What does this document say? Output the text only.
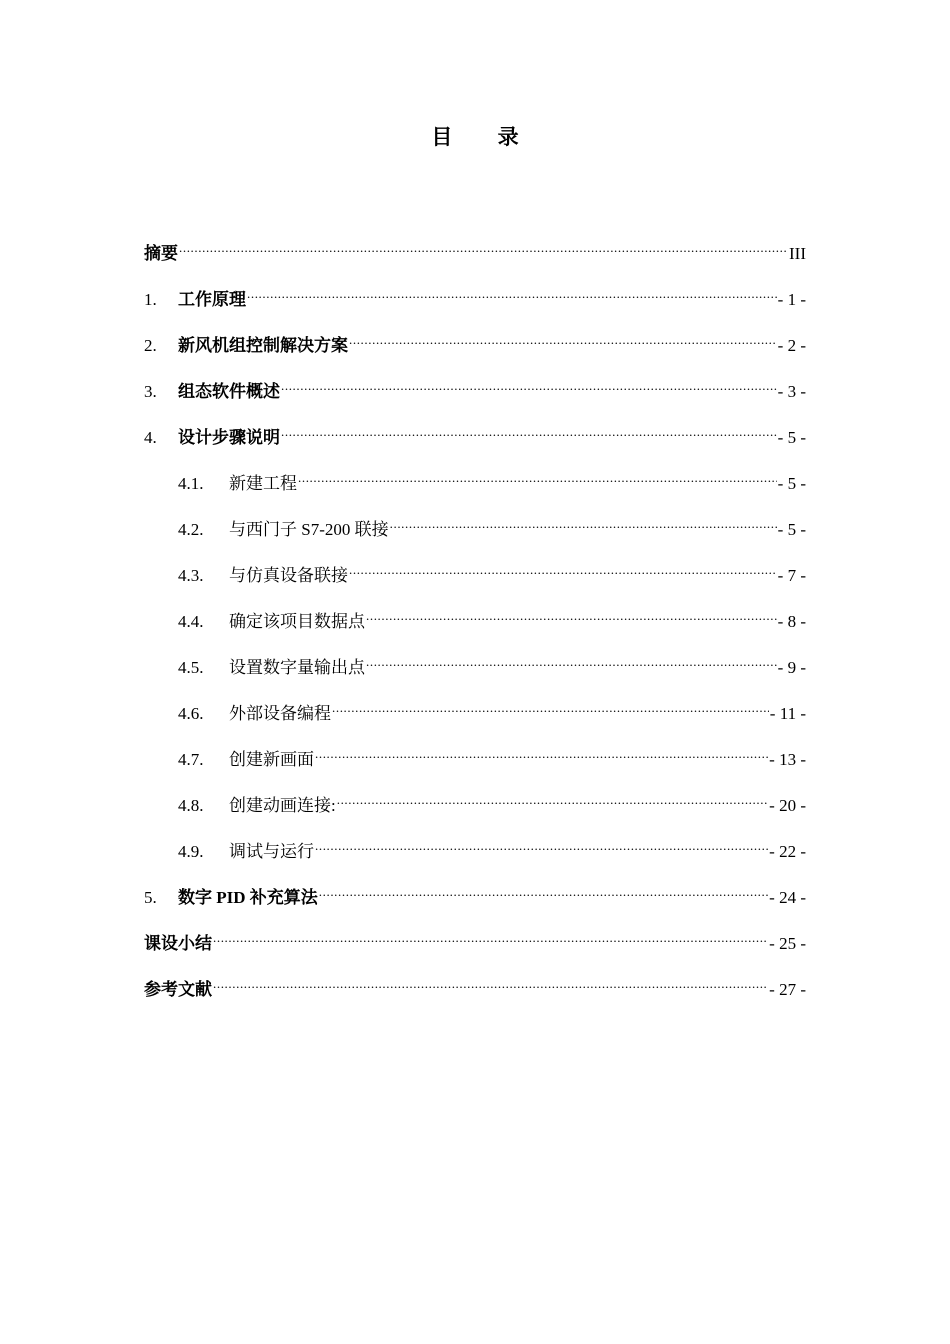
目 录
摘要 .....	III
1.	工作原理 .....	- 1 -
2.	新风机组控制解决方案 .....	- 2 -
3.	组态软件概述 .....	- 3 -
4.	设计步骤说明 .....	- 5 -
4.1.	新建工程 .....	- 5 -
4.2.	与西门子 S7-200 联接 .....	- 5 -
4.3.	与仿真设备联接 .....	- 7 -
4.4.	确定该项目数据点 .....	- 8 -
4.5.	设置数字量输出点 .....	- 9 -
4.6.	外部设备编程 .....	- 11 -
4.7.	创建新画面 .....	- 13 -
4.8.	创建动画连接: .....	- 20 -
4.9.	调试与运行 .....	- 22 -
5.	数字 PID 补充算法 .....	- 24 -
课设小结 .....	- 25 -
参考文献 .....	- 27 -
